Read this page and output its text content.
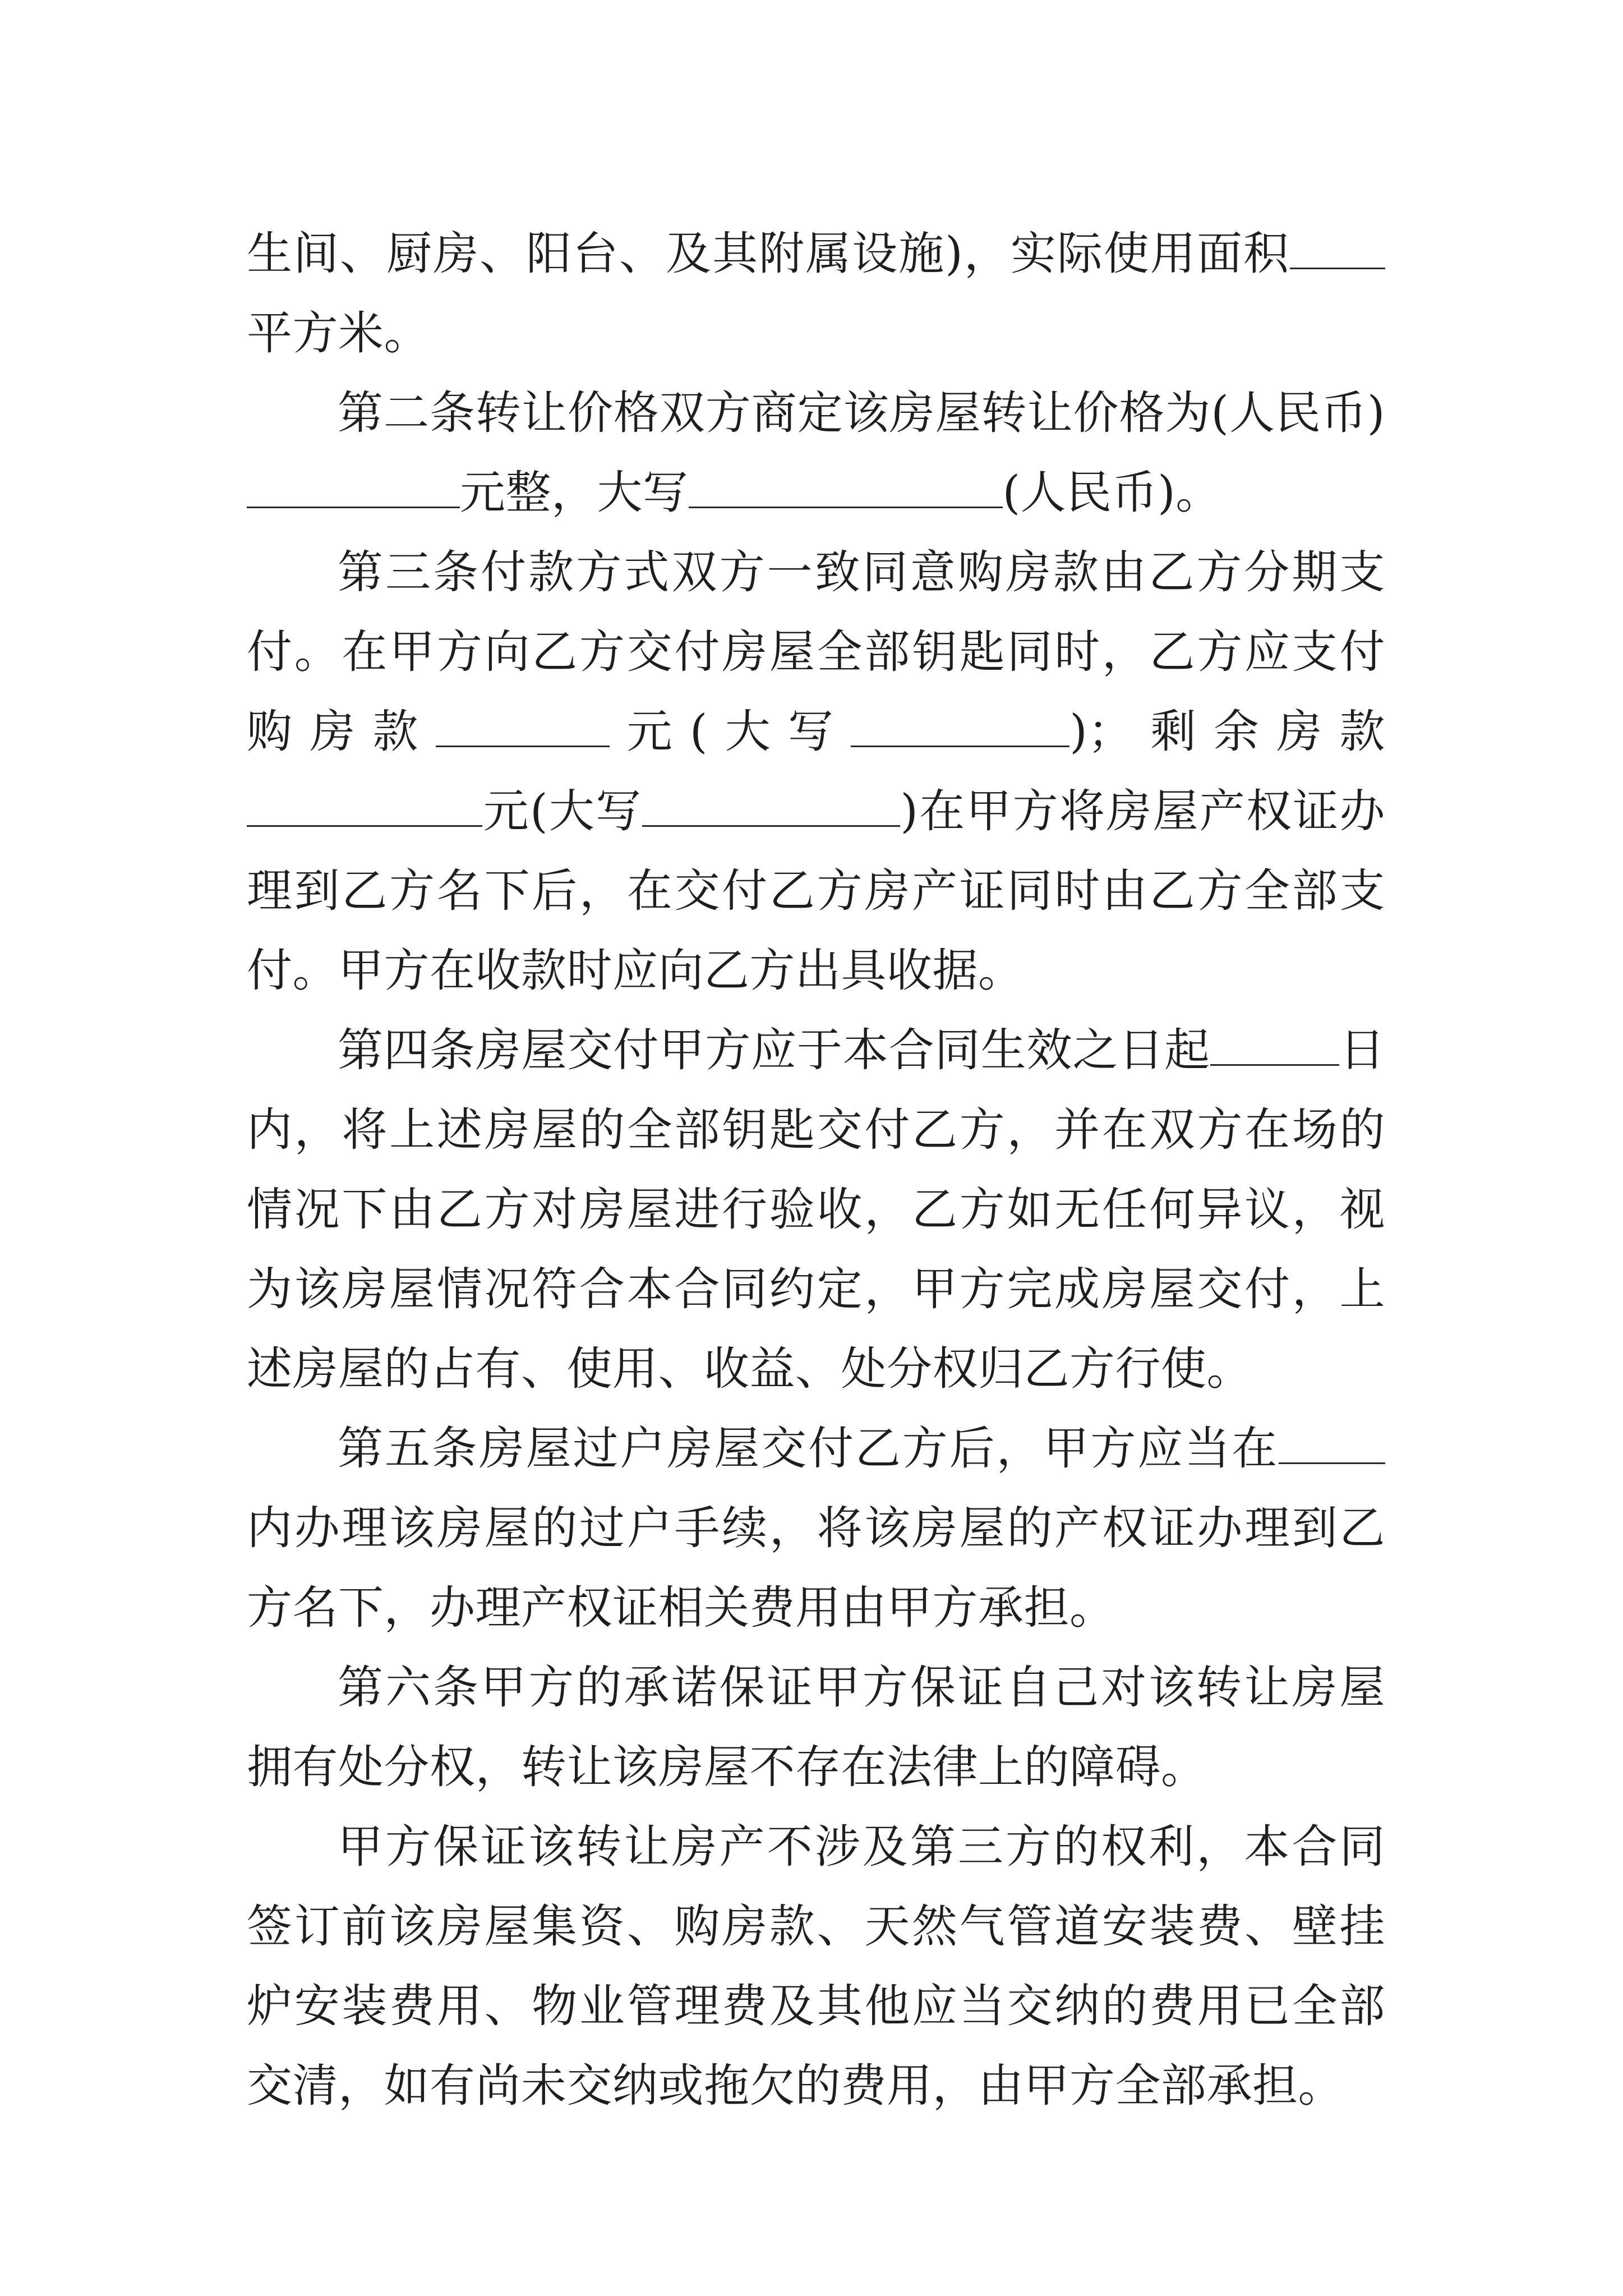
生间、厨房、阳台、及其附属设施)，实际使用面积平方米。

第二条转让价格双方商定该房屋转让价格为(人民币)元整，大写	(人民币)。

第三条付款方式双方一致同意购房款由乙方分期支付。在甲方向乙方交付房屋全部钥匙同时，乙方应支付购房款	元(大写	)；剩余房款元(大写	)在甲方将房屋产权证办理到乙方名下后，在交付乙方房产证同时由乙方全部支付。甲方在收款时应向乙方出具收据。

第四条房屋交付甲方应于本合同生效之日起	日内，将上述房屋的全部钥匙交付乙方，并在双方在场的情况下由乙方对房屋进行验收，乙方如无任何异议，视为该房屋情况符合本合同约定，甲方完成房屋交付，上述房屋的占有、使用、收益、处分权归乙方行使。

第五条房屋过户房屋交付乙方后，甲方应当在内办理该房屋的过户手续，将该房屋的产权证办理到乙方名下，办理产权证相关费用由甲方承担。

第六条甲方的承诺保证甲方保证自己对该转让房屋拥有处分权，转让该房屋不存在法律上的障碍。

甲方保证该转让房产不涉及第三方的权利，本合同签订前该房屋集资、购房款、天然气管道安装费、壁挂炉安装费用、物业管理费及其他应当交纳的费用已全部交清，如有尚未交纳或拖欠的费用，由甲方全部承担。
